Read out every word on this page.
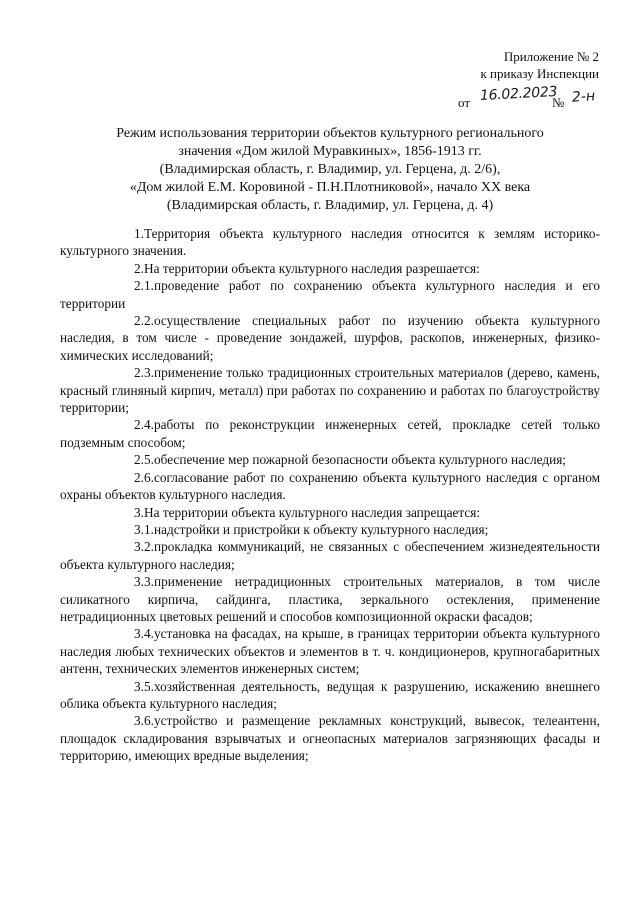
Приложение № 2
к приказу Инспекции
от 16.02.2023
№ 2-н
Режим использования территории объектов культурного регионального
значения «Дом жилой Муравкиных», 1856-1913 гг.
(Владимирская область, г. Владимир, ул. Герцена, д. 2/6),
«Дом жилой Е.М. Коровиной - П.Н.Плотниковой», начало XX века
(Владимирская область, г. Владимир, ул. Герцена, д. 4)

1.Территория объекта культурного наследия относится к землям историко-культурного значения.

2.На территории объекта культурного наследия разрешается:

2.1.проведение работ по сохранению объекта культурного наследия и его территории

2.2.осуществление специальных работ по изучению объекта культурного наследия, в том числе - проведение зондажей, шурфов, раскопов, инженерных, физико-химических исследований;

2.3.применение только традиционных строительных материалов (дерево, камень, красный глиняный кирпич, металл) при работах по сохранению и работах по благоустройству территории;

2.4.работы по реконструкции инженерных сетей, прокладке сетей только подземным способом;

2.5.обеспечение мер пожарной безопасности объекта культурного наследия;

2.6.согласование работ по сохранению объекта культурного наследия с органом охраны объектов культурного наследия.

3.На территории объекта культурного наследия запрещается:

3.1.надстройки и пристройки к объекту культурного наследия;

3.2.прокладка коммуникаций, не связанных с обеспечением жизнедеятельности объекта культурного наследия;

3.3.применение нетрадиционных строительных материалов, в том числе силикатного кирпича, сайдинга, пластика, зеркального остекления, применение нетрадиционных цветовых решений и способов композиционной окраски фасадов;

3.4.установка на фасадах, на крыше, в границах территории объекта культурного наследия любых технических объектов и элементов в т. ч. кондиционеров, крупногабаритных антенн, технических элементов инженерных систем;

3.5.хозяйственная деятельность, ведущая к разрушению, искажению внешнего облика объекта культурного наследия;

3.6.устройство и размещение рекламных конструкций, вывесок, телеантенн, площадок складирования взрывчатых и огнеопасных материалов загрязняющих фасады и территорию, имеющих вредные выделения;
